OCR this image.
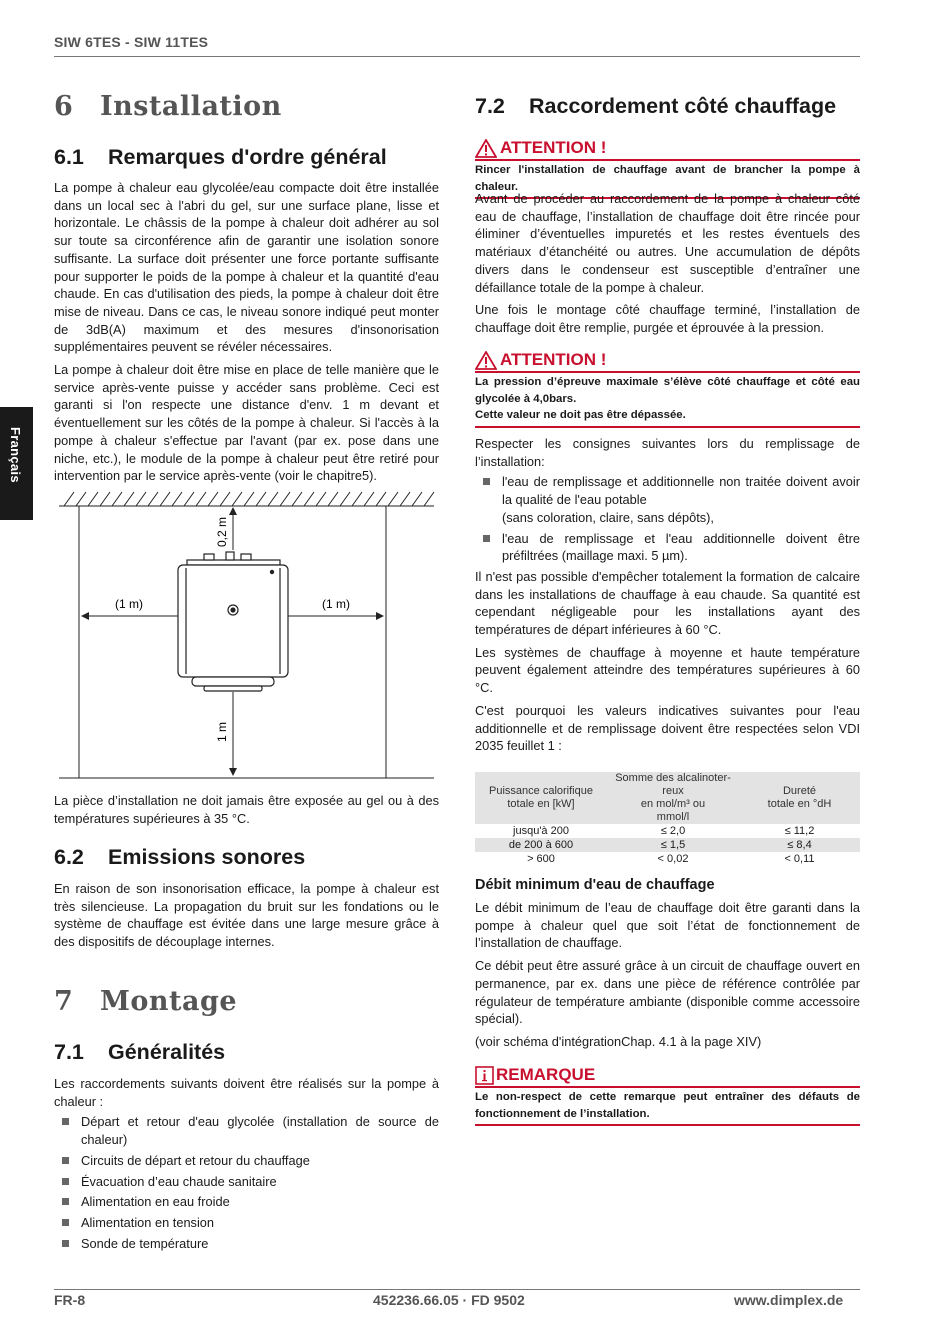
SIW 6TES - SIW 11TES
Français
FR-8	452236.66.05 · FD 9502	www.dimplex.de
6 Installation
6.1 Remarques d'ordre général

La pompe à chaleur eau glycolée/eau compacte doit être installée dans un local sec à l'abri du gel, sur une surface plane, lisse et horizontale. Le châssis de la pompe à chaleur doit adhérer au sol sur toute sa circonférence afin de garantir une isolation sonore suffisante. La surface doit présenter une force portante suffisante pour supporter le poids de la pompe à chaleur et la quantité d'eau chaude. En cas d'utilisation des pieds, la pompe à chaleur doit être mise de niveau. Dans ce cas, le niveau sonore indiqué peut monter de 3dB(A) maximum et des mesures d'insonorisation supplémentaires peuvent se révéler nécessaires.

La pompe à chaleur doit être mise en place de telle manière que le service après-vente puisse y accéder sans problème. Ceci est garanti si l'on respecte une distance d'env. 1 m devant et éventuellement sur les côtés de la pompe à chaleur. Si l'accès à la pompe à chaleur s'effectue par l'avant (par ex. pose dans une niche, etc.), le module de la pompe à chaleur peut être retiré pour intervention par le service après-vente (voir le chapitre5).

0,2 m
(1 m)	(1 m)
1 m

La pièce d’installation ne doit jamais être exposée au gel ou à des températures supérieures à 35 °C.

6.2 Emissions sonores

En raison de son insonorisation efficace, la pompe à chaleur est très silencieuse. La propagation du bruit sur les fondations ou le système de chauffage est évitée dans une large mesure grâce à des dispositifs de découplage internes.

7 Montage
7.1 Généralités

Les raccordements suivants doivent être réalisés sur la pompe à chaleur :

Départ et retour d'eau glycolée (installation de source de chaleur)
Circuits de départ et retour du chauffage
Évacuation d’eau chaude sanitaire
Alimentation en eau froide
Alimentation en tension
Sonde de température
7.2 Raccordement côté chauffage
ATTENTION !
Rincer l'installation de chauffage avant de brancher la pompe à chaleur.

Avant de procéder au raccordement de la pompe à chaleur côté eau de chauffage, l’installation de chauffage doit être rincée pour éliminer d’éventuelles impuretés et les restes éventuels des matériaux d’étanchéité ou autres. Une accumulation de dépôts divers dans le condenseur est susceptible d’entraîner une défaillance totale de la pompe à chaleur.

Une fois le montage côté chauffage terminé, l’installation de chauffage doit être remplie, purgée et éprouvée à la pression.

ATTENTION !
La pression d’épreuve maximale s’élève côté chauffage et côté eau glycolée à 4,0bars.
Cette valeur ne doit pas être dépassée.

Respecter les consignes suivantes lors du remplissage de l’installation:

l'eau de remplissage et additionnelle non traitée doivent avoir la qualité de l'eau potable
(sans coloration, claire, sans dépôts),
l'eau de remplissage et l'eau additionnelle doivent être préfiltrées (maillage maxi. 5 µm).

Il n'est pas possible d'empêcher totalement la formation de calcaire dans les installations de chauffage à eau chaude. Sa quantité est cependant négligeable pour les installations ayant des températures de départ inférieures à 60 °C.

Les systèmes de chauffage à moyenne et haute température peuvent également atteindre des températures supérieures à 60 °C.

C'est pourquoi les valeurs indicatives suivantes pour l'eau additionnelle et de remplissage doivent être respectées selon VDI 2035 feuillet 1 :

Puissance calorifique
totale en [kW]	Somme des alcalinoter-
reux
en mol/m³ ou
mmol/l	Dureté
totale en °dH
jusqu'à 200	≤ 2,0	≤ 11,2
de 200 à 600	≤ 1,5	≤ 8,4
> 600	< 0,02	< 0,11
Débit minimum d'eau de chauffage

Le débit minimum de l’eau de chauffage doit être garanti dans la pompe à chaleur quel que soit l’état de fonctionnement de l’installation de chauffage.

Ce débit peut être assuré grâce à un circuit de chauffage ouvert en permanence, par ex. dans une pièce de référence contrôlée par régulateur de température ambiante (disponible comme accessoire spécial).

(voir schéma d'intégrationChap. 4.1 à la page XIV)

REMARQUE
Le non-respect de cette remarque peut entraîner des défauts de fonctionnement de l’installation.
